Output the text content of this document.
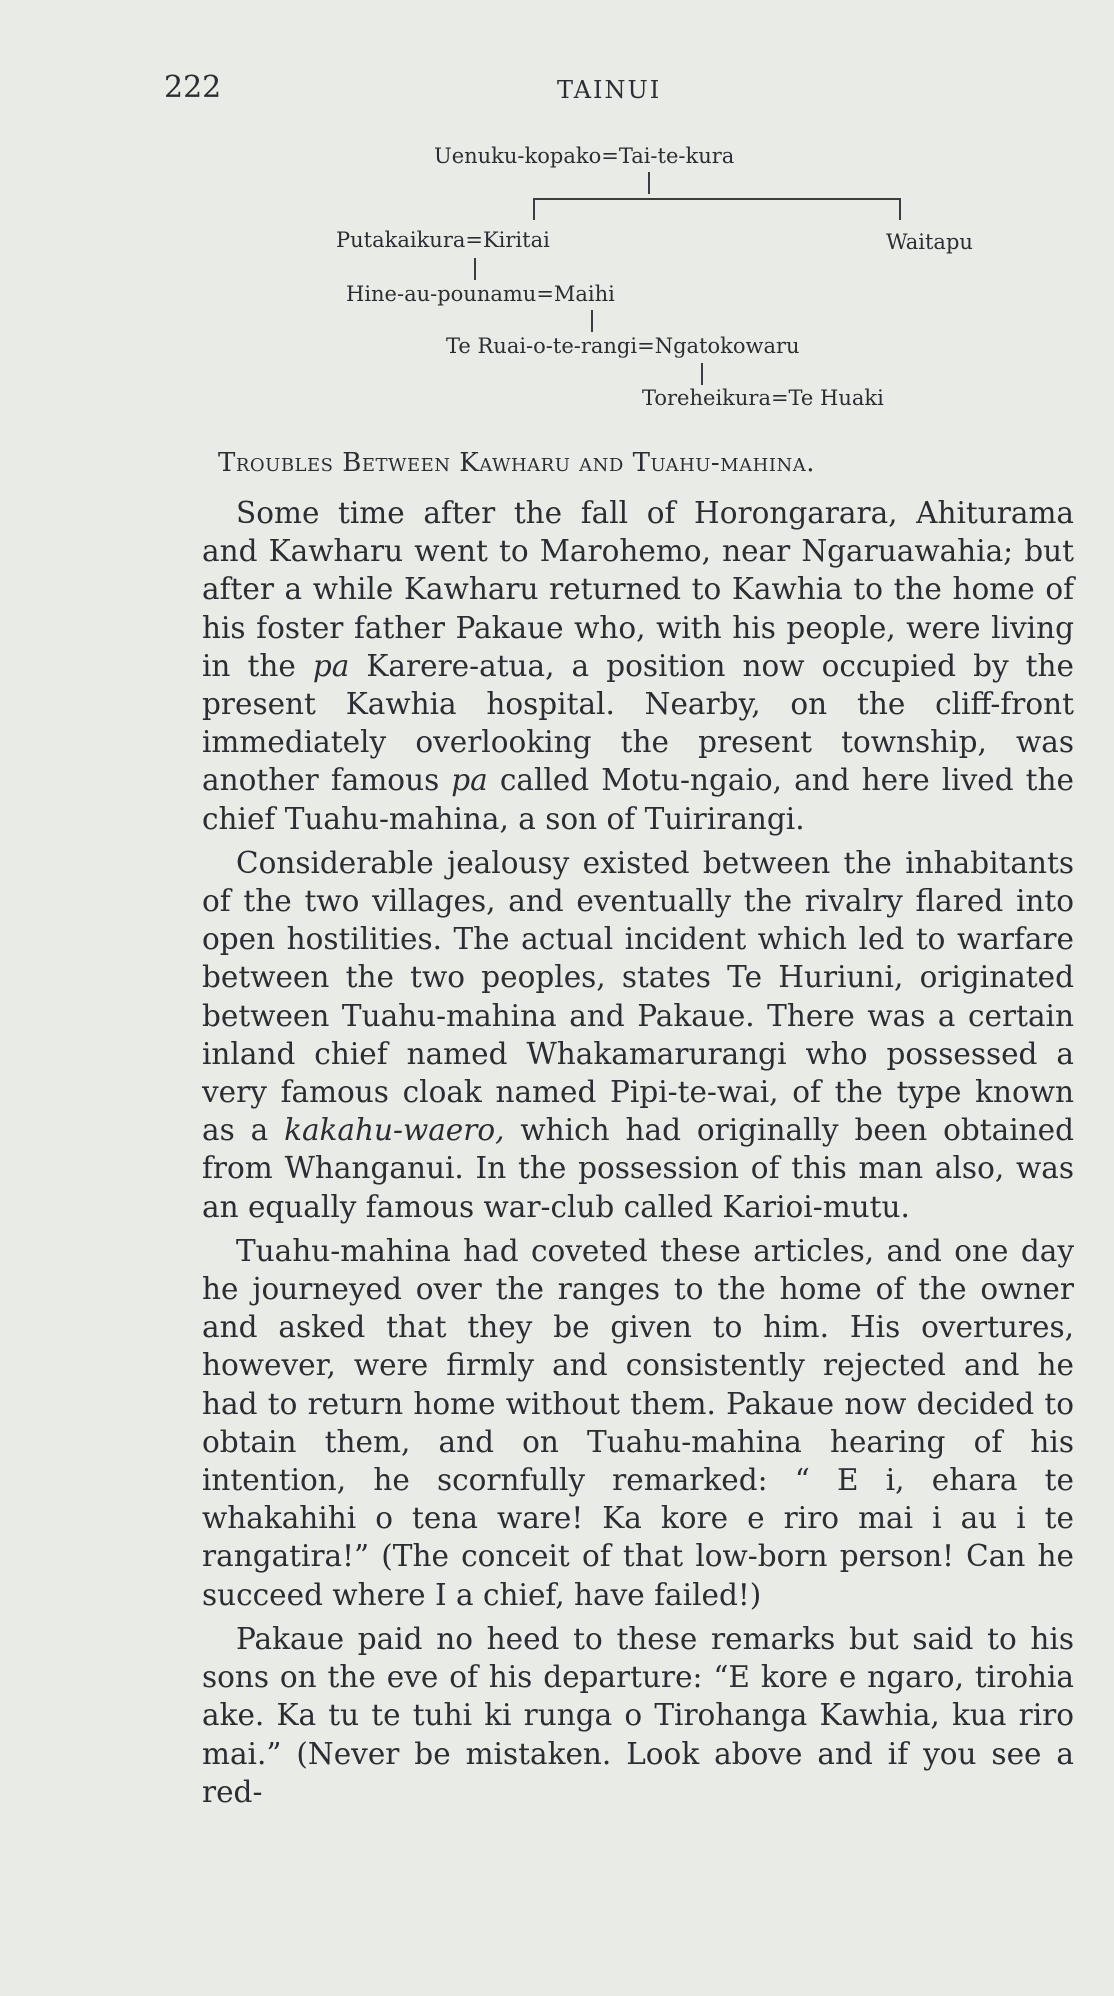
222	TAINUI
Uenuku-kopako=Tai-te-kura
Putakaikura=Kiritai	Waitapu
Hine-au-pounamu=Maihi
Te Ruai-o-te-rangi=Ngatokowaru
Toreheikura=Te Huaki
Troubles Between Kawharu and Tuahu-mahina.

Some time after the fall of Horongarara, Ahiturama and Kawharu went to Marohemo, near Ngaruawahia; but after a while Kawharu returned to Kawhia to the home of his foster father Pakaue who, with his people, were living in the pa Karere-atua, a position now occupied by the present Kawhia hospital. Nearby, on the cliff-front immediately overlooking the present township, was another famous pa called Motu-ngaio, and here lived the chief Tuahu-mahina, a son of Tuirirangi.

Considerable jealousy existed between the inhabitants of the two villages, and eventually the rivalry flared into open hostilities. The actual incident which led to warfare between the two peoples, states Te Huriuni, originated between Tuahu-mahina and Pakaue. There was a certain inland chief named Whakamarurangi who possessed a very famous cloak named Pipi-te-wai, of the type known as a kakahu-waero, which had originally been obtained from Whanganui. In the possession of this man also, was an equally famous war-club called Karioi-mutu.

Tuahu-mahina had coveted these articles, and one day he journeyed over the ranges to the home of the owner and asked that they be given to him. His overtures, however, were firmly and consistently rejected and he had to return home without them. Pakaue now decided to obtain them, and on Tuahu-mahina hearing of his intention, he scornfully remarked: “ E i, ehara te whakahihi o tena ware! Ka kore e riro mai i au i te rangatira!” (The conceit of that low-born person! Can he succeed where I a chief, have failed!)

Pakaue paid no heed to these remarks but said to his sons on the eve of his departure: “E kore e ngaro, tirohia ake. Ka tu te tuhi ki runga o Tirohanga Kawhia, kua riro mai.” (Never be mistaken. Look above and if you see a red-
